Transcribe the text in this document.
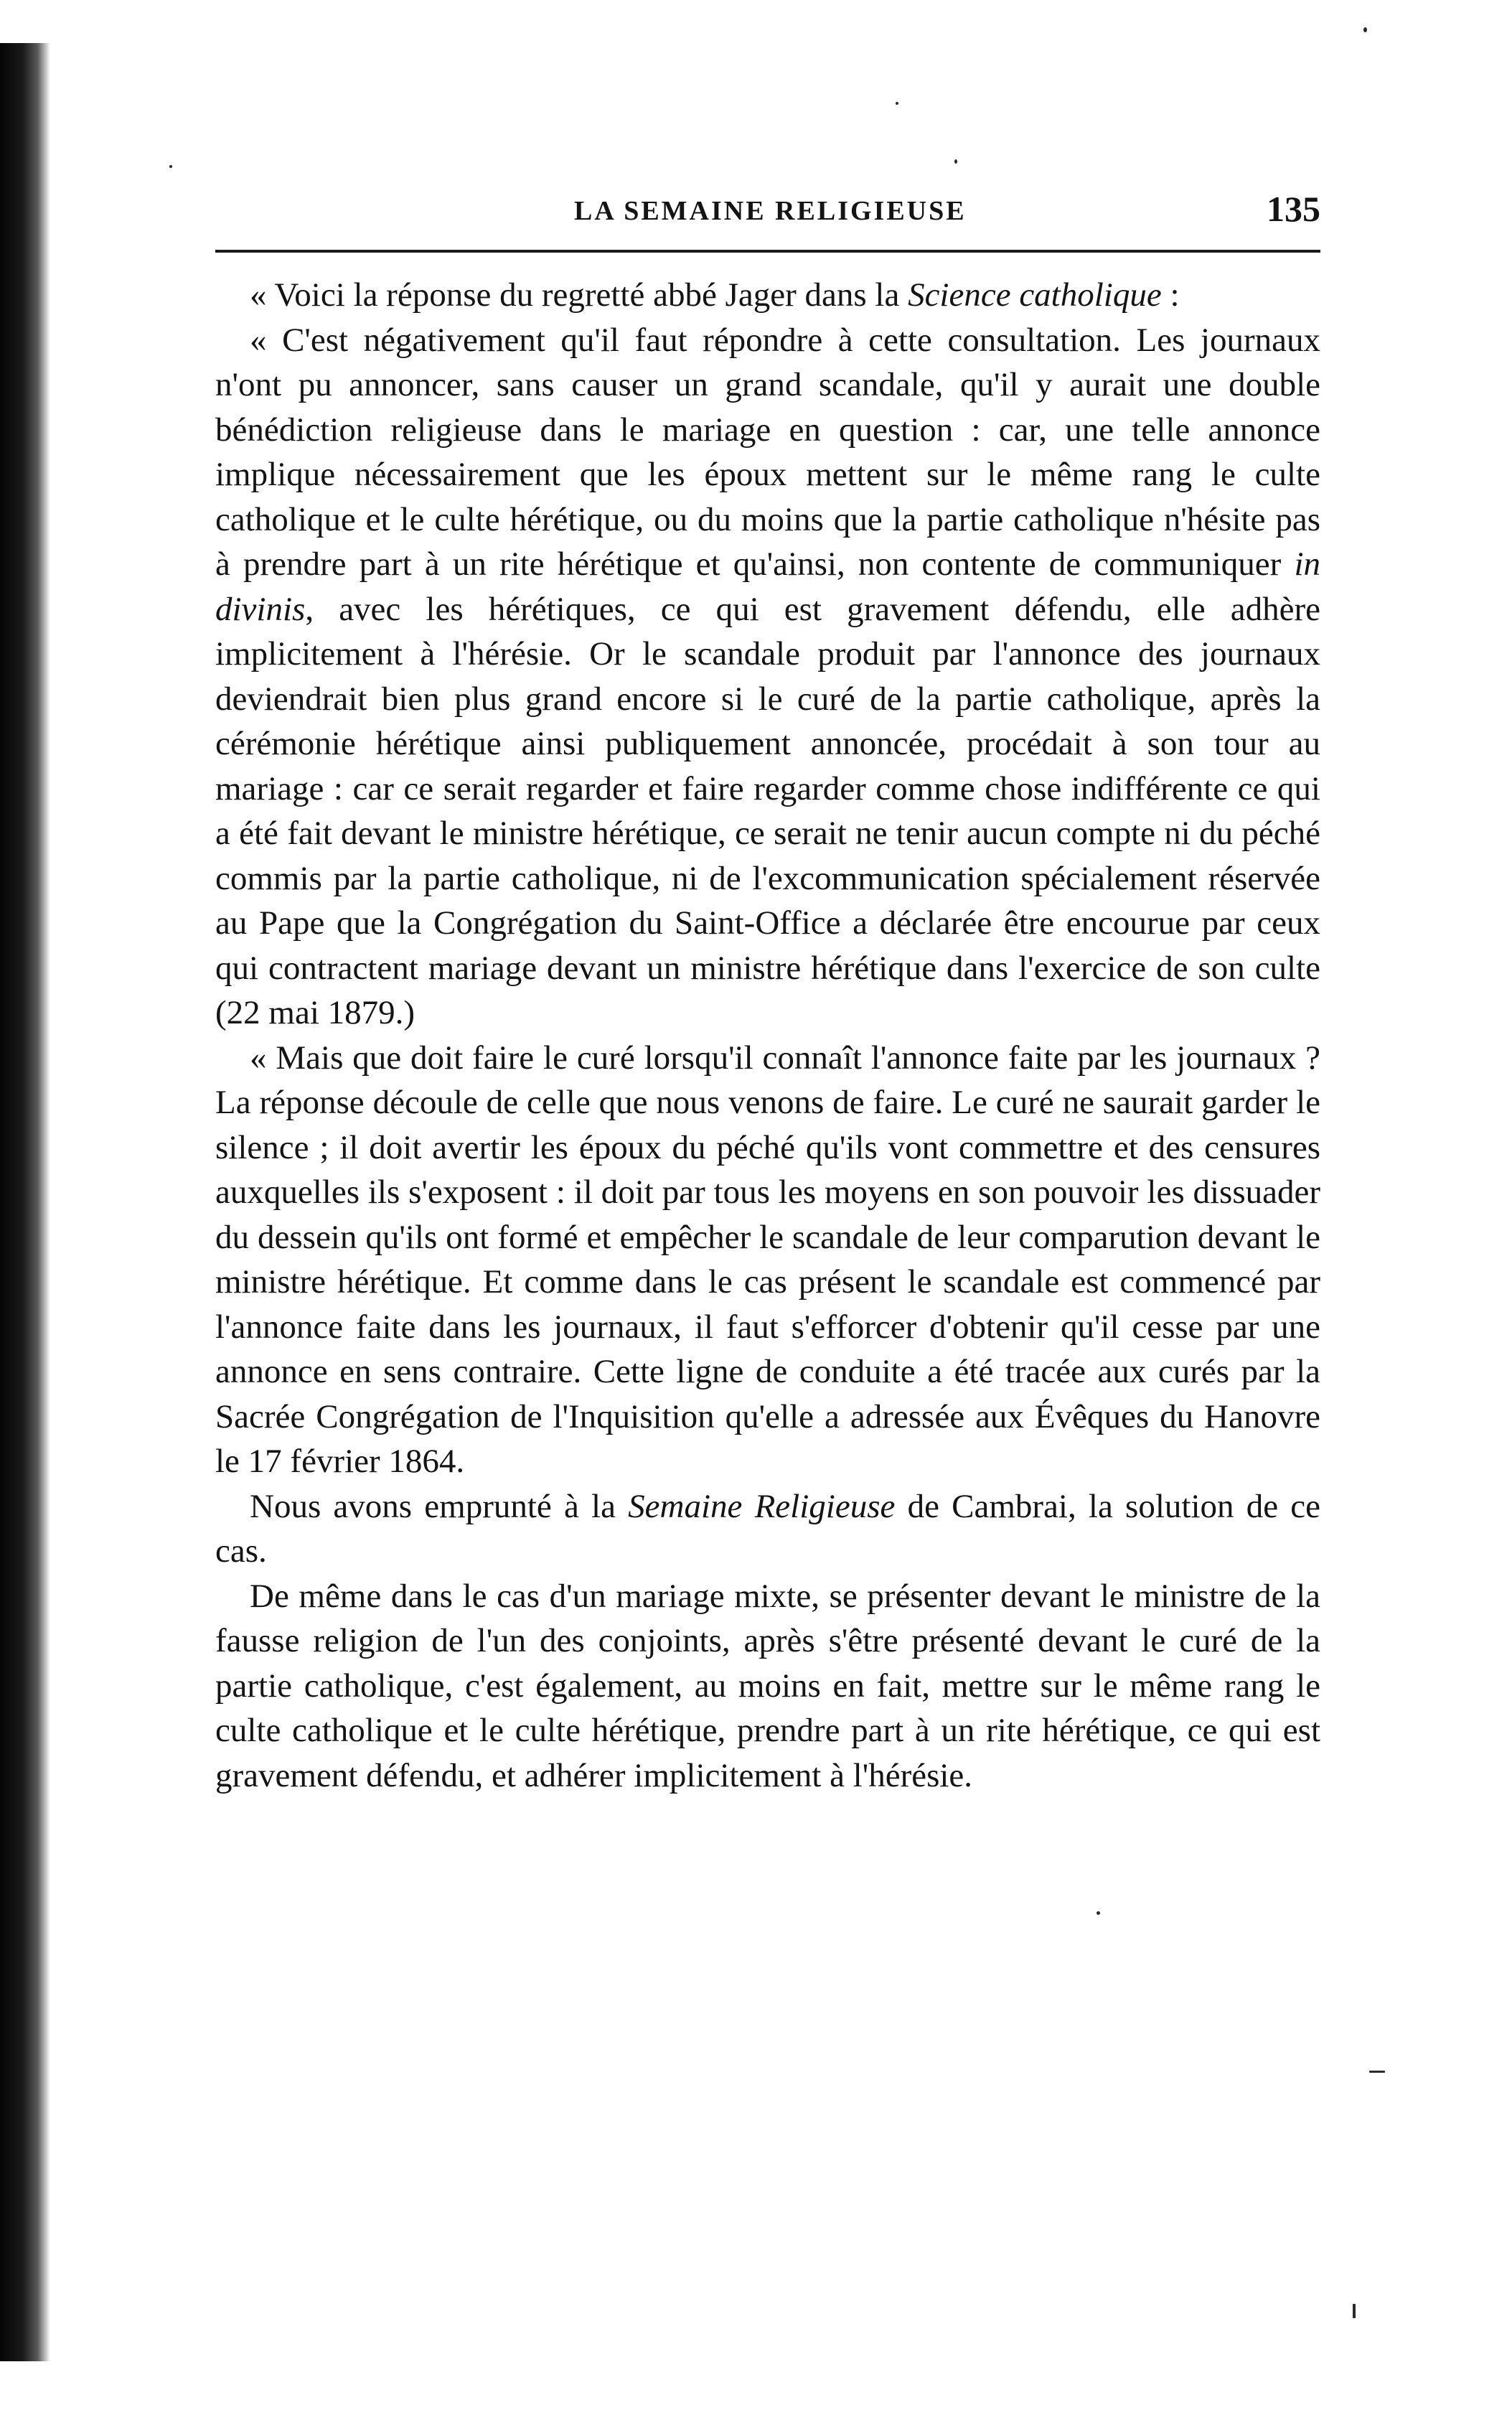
LA SEMAINE RELIGIEUSE	135

« Voici la réponse du regretté abbé Jager dans la Science catholique :

« C'est négativement qu'il faut répondre à cette consultation. Les journaux n'ont pu annoncer, sans causer un grand scandale, qu'il y aurait une double bénédiction religieuse dans le mariage en question : car, une telle annonce implique nécessairement que les époux mettent sur le même rang le culte catholique et le culte hérétique, ou du moins que la partie catholique n'hésite pas à prendre part à un rite hérétique et qu'ainsi, non contente de communiquer in divinis, avec les hérétiques, ce qui est gravement défendu, elle adhère implicitement à l'hérésie. Or le scandale produit par l'annonce des journaux deviendrait bien plus grand encore si le curé de la partie catholique, après la cérémonie hérétique ainsi publiquement annoncée, procédait à son tour au mariage : car ce serait regarder et faire regarder comme chose indifférente ce qui a été fait devant le ministre hérétique, ce serait ne tenir aucun compte ni du péché commis par la partie catholique, ni de l'excommunication spécialement réservée au Pape que la Congrégation du Saint-Office a déclarée être encourue par ceux qui contractent mariage devant un ministre hérétique dans l'exercice de son culte (22 mai 1879.)

« Mais que doit faire le curé lorsqu'il connaît l'annonce faite par les journaux ? La réponse découle de celle que nous venons de faire. Le curé ne saurait garder le silence ; il doit avertir les époux du péché qu'ils vont commettre et des censures auxquelles ils s'exposent : il doit par tous les moyens en son pouvoir les dissuader du dessein qu'ils ont formé et empêcher le scandale de leur comparution devant le ministre hérétique. Et comme dans le cas présent le scandale est commencé par l'annonce faite dans les journaux, il faut s'efforcer d'obtenir qu'il cesse par une annonce en sens contraire. Cette ligne de conduite a été tracée aux curés par la Sacrée Congrégation de l'Inquisition qu'elle a adressée aux Évêques du Hanovre le 17 février 1864.

Nous avons emprunté à la Semaine Religieuse de Cambrai, la solution de ce cas.

De même dans le cas d'un mariage mixte, se présenter devant le ministre de la fausse religion de l'un des conjoints, après s'être présenté devant le curé de la partie catholique, c'est également, au moins en fait, mettre sur le même rang le culte catholique et le culte hérétique, prendre part à un rite hérétique, ce qui est gravement défendu, et adhérer implicitement à l'hérésie.
